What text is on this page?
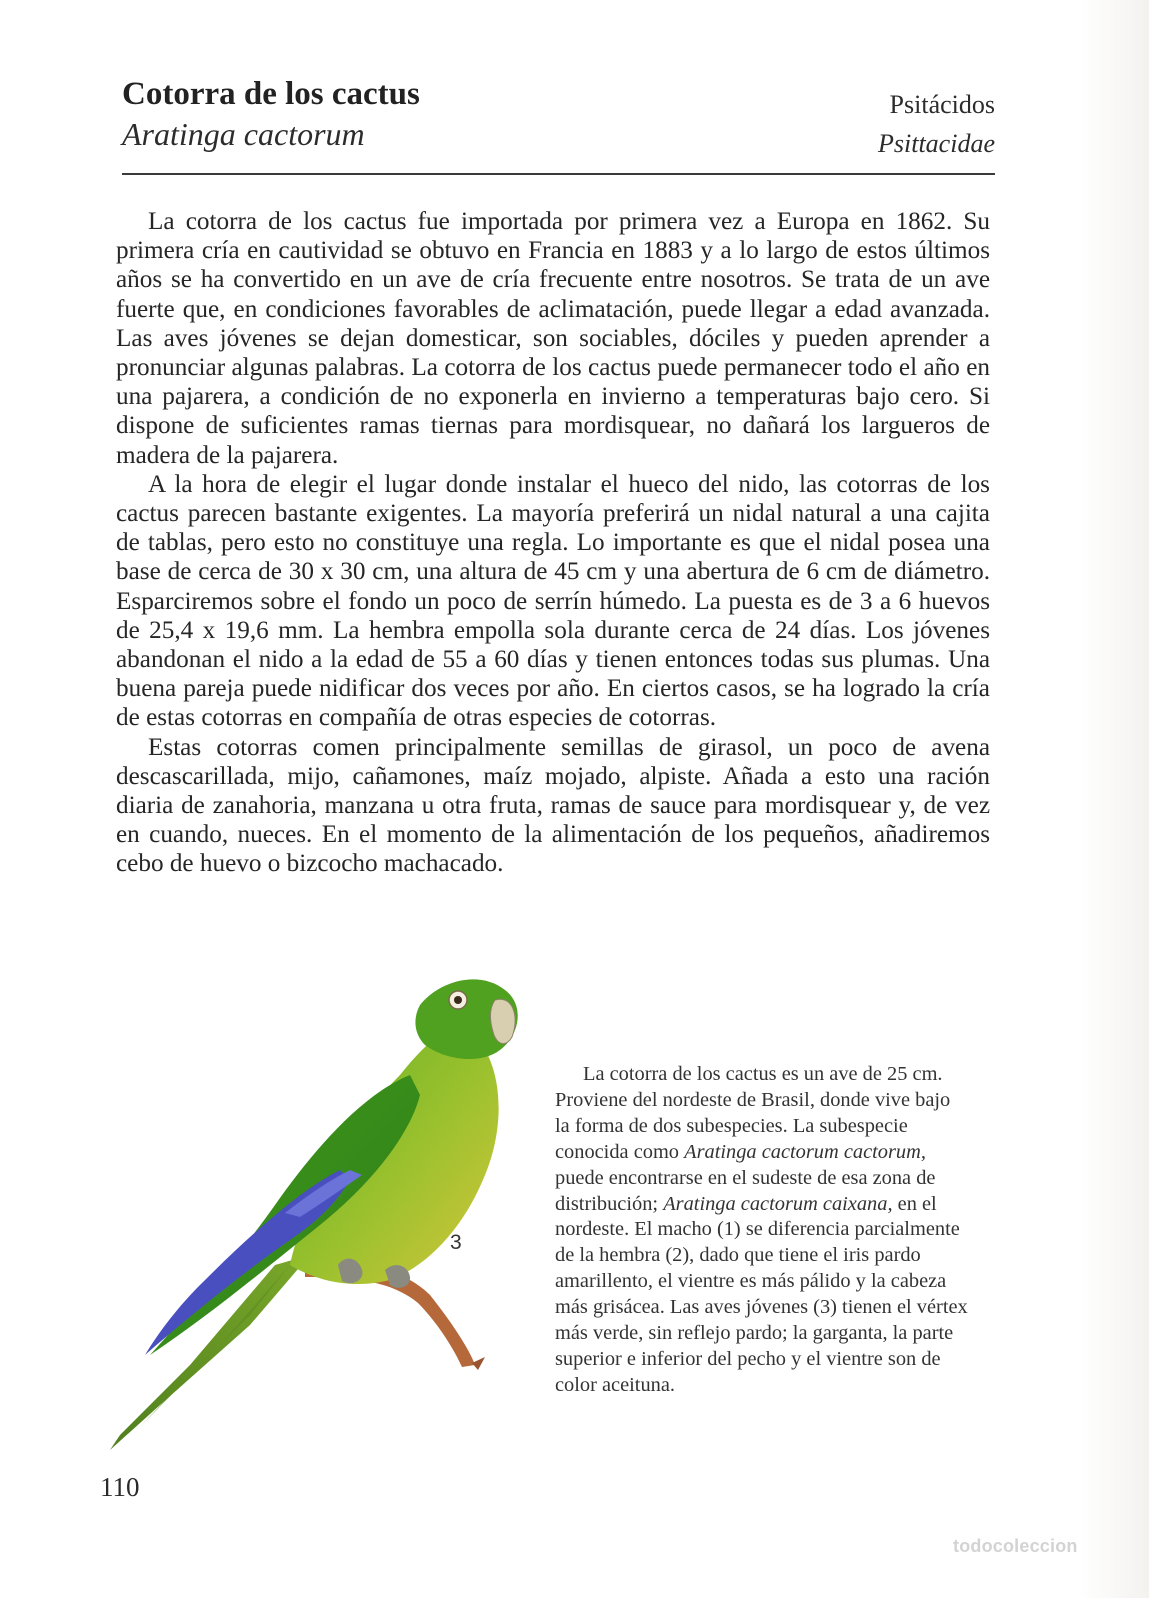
Cotorra de los cactus
Aratinga cactorum
Psitácidos
Psittacidae

La cotorra de los cactus fue importada por primera vez a Europa en 1862. Su primera cría en cautividad se obtuvo en Francia en 1883 y a lo largo de estos últimos años se ha convertido en un ave de cría frecuente entre nosotros. Se trata de un ave fuerte que, en condiciones favorables de aclimatación, puede llegar a edad avanzada. Las aves jóvenes se dejan domesticar, son sociables, dóciles y pueden aprender a pronunciar algunas palabras. La cotorra de los cactus puede permanecer todo el año en una pajarera, a condición de no exponerla en invierno a temperaturas bajo cero. Si dispone de suficientes ramas tiernas para mordisquear, no dañará los largueros de madera de la pajarera.

A la hora de elegir el lugar donde instalar el hueco del nido, las cotorras de los cactus parecen bastante exigentes. La mayoría preferirá un nidal natural a una cajita de tablas, pero esto no constituye una regla. Lo importante es que el nidal posea una base de cerca de 30 x 30 cm, una altura de 45 cm y una abertura de 6 cm de diámetro. Esparciremos sobre el fondo un poco de serrín húmedo. La puesta es de 3 a 6 huevos de 25,4 x 19,6 mm. La hembra empolla sola durante cerca de 24 días. Los jóvenes abandonan el nido a la edad de 55 a 60 días y tienen entonces todas sus plumas. Una buena pareja puede nidificar dos veces por año. En ciertos casos, se ha logrado la cría de estas cotorras en compañía de otras especies de cotorras.

Estas cotorras comen principalmente semillas de girasol, un poco de avena descascarillada, mijo, cañamones, maíz mojado, alpiste. Añada a esto una ración diaria de zanahoria, manzana u otra fruta, ramas de sauce para mordisquear y, de vez en cuando, nueces. En el momento de la alimentación de los pequeños, añadiremos cebo de huevo o bizcocho machacado.

3

La cotorra de los cactus es un ave de 25 cm. Proviene del nordeste de Brasil, donde vive bajo la forma de dos subespecies. La subespecie conocida como Aratinga cactorum cactorum, puede encontrarse en el sudeste de esa zona de distribución; Aratinga cactorum caixana, en el nordeste. El macho (1) se diferencia parcialmente de la hembra (2), dado que tiene el iris pardo amarillento, el vientre es más pálido y la cabeza más grisácea. Las aves jóvenes (3) tienen el vértex más verde, sin reflejo pardo; la garganta, la parte superior e inferior del pecho y el vientre son de color aceituna.

110
todocoleccion
